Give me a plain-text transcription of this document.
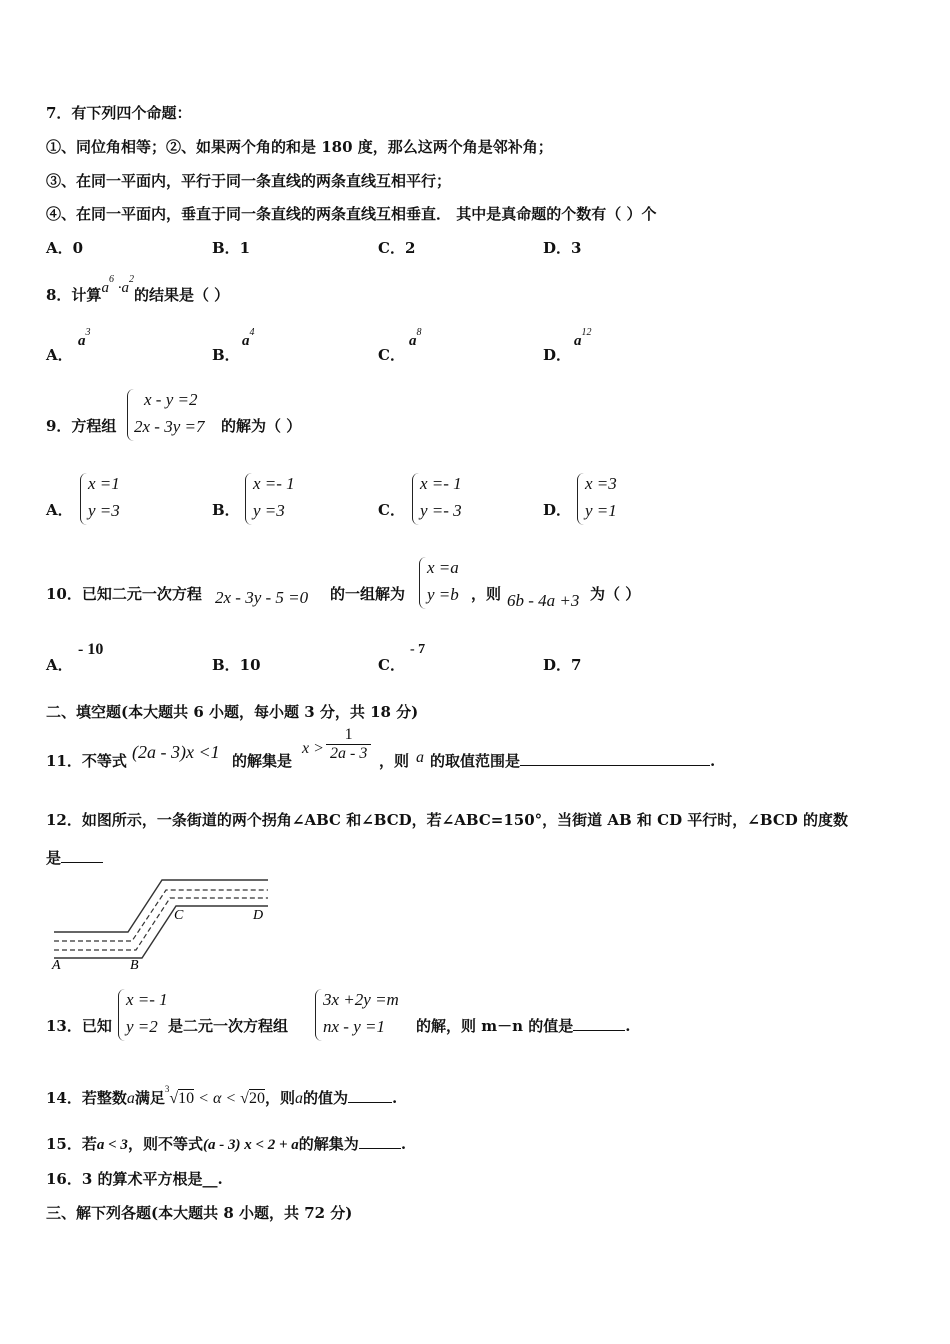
7．有下列四个命题：
①、同位角相等；②、如果两个角的和是 180 度，那么这两个角是邻补角；
③、在同一平面内，平行于同一条直线的两条直线互相平行；
④、在同一平面内，垂直于同一条直线的两条直线互相垂直． 其中是真命题的个数有（ ）个
A．0	B．1	C．2	D．3
8．计算$a^6 \cdot a^2$的结果是（ ）
A．
$a^3$
B．
$a^4$
C．
$a^8$
D．
$a^{12}$
9．方程组
x - y =2
2x - 3y =7 的解为（ ）
A．
x =1
y =3	B．
x =- 1
y =3	C．
x =- 1
y =- 3	D．
x =3
y =1
10．已知二元一次方程 2x - 3y - 5 =0 的一组解为
x =a
y =b ，则 6b - 4a +3 为（ ）
A．
- 10
B．10	C．
- 7
D．7
二、填空题(本大题共 6 小题，每小题 3 分，共 18 分)
11．不等式 (2a - 3)x <1 的解集是
$x > \frac{1}{2a - 3}$ ，则 a 的取值范围是	.
12．如图所示，一条街道的两个拐角∠ABC 和∠BCD，若∠ABC=150°，当街道 AB 和 CD 平行时，∠BCD 的度数
是
A	B
C	D
13．已知
x =- 1
y =2 是二元一次方程组
3x +2y =m
nx - y =1	的解，则 m－n 的值是	.
14．若整数a满足$^3$√10 < α < √20，则a的值为	.
15．若a < 3，则不等式(a - 3) x < 2 + a的解集为	.
16．3 的算术平方根是__.
三、解下列各题(本大题共 8 小题，共 72 分)
